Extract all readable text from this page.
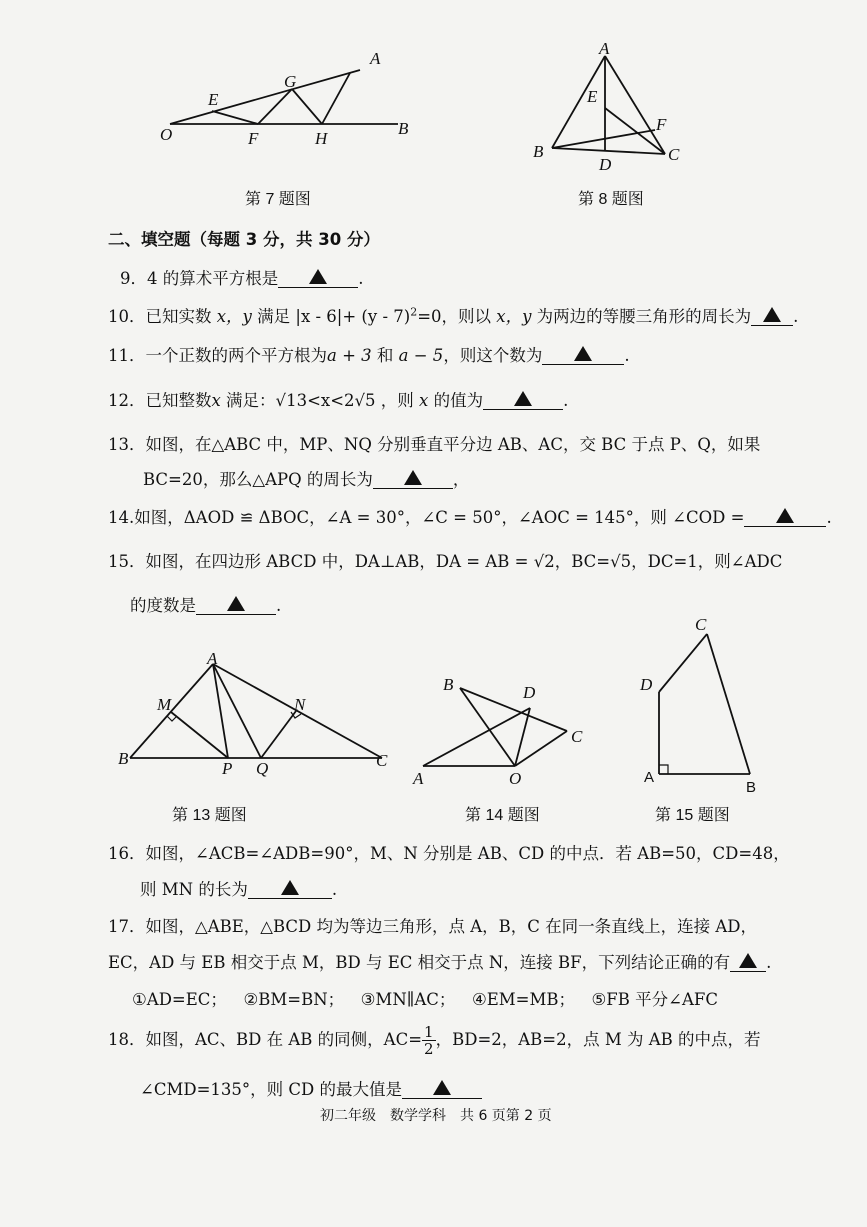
O
E
F
G
H
A
B
第 7 题图
A
E
F
B
D
C
第 8 题图
二、填空题（每题 3 分，共 30 分）
9．4 的算术平方根是	.
10．已知实数 x，y 满足 |x - 6|+ (y - 7)$^2$=0，则以 x，y 为两边的等腰三角形的周长为	.
11．一个正数的两个平方根为a + 3 和 a − 5，则这个数为	.
12．已知整数x 满足：√13<x<2√5 ，则 x 的值为	.
13．如图，在△ABC 中，MP、NQ 分别垂直平分边 AB、AC，交 BC 于点 P、Q，如果
BC=20，那么△APQ 的周长为	，
14.如图，ΔAOD ≌ ΔBOC，∠A = 30°，∠C = 50°，∠AOC = 145°，则 ∠COD =	.
15．如图，在四边形 ABCD 中，DA⊥AB，DA = AB = √2，BC=√5，DC=1，则∠ADC
的度数是	.
A
M	N
B
P Q	C
第 13 题图
B	D
C
A	O
第 14 题图
C
D
A
B
第 15 题图
16．如图，∠ACB=∠ADB=90°，M、N 分别是 AB、CD 的中点．若 AB=50，CD=48，
则 MN 的长为	.
17．如图，△ABE，△BCD 均为等边三角形，点 A，B，C 在同一条直线上，连接 AD，
EC，AD 与 EB 相交于点 M，BD 与 EC 相交于点 N，连接 BF，下列结论正确的有 .
①AD=EC；  ②BM=BN；  ③MN∥AC；  ④EM=MB；  ⑤FB 平分∠AFC
18．如图，AC、BD 在 AB 的同侧，$AC= \frac{1}{2}$ ，BD=2，AB=2，点 M 为 AB 的中点，若
∠CMD=135°，则 CD 的最大值是
初二年级　数学学科　共 6 页第 2 页
